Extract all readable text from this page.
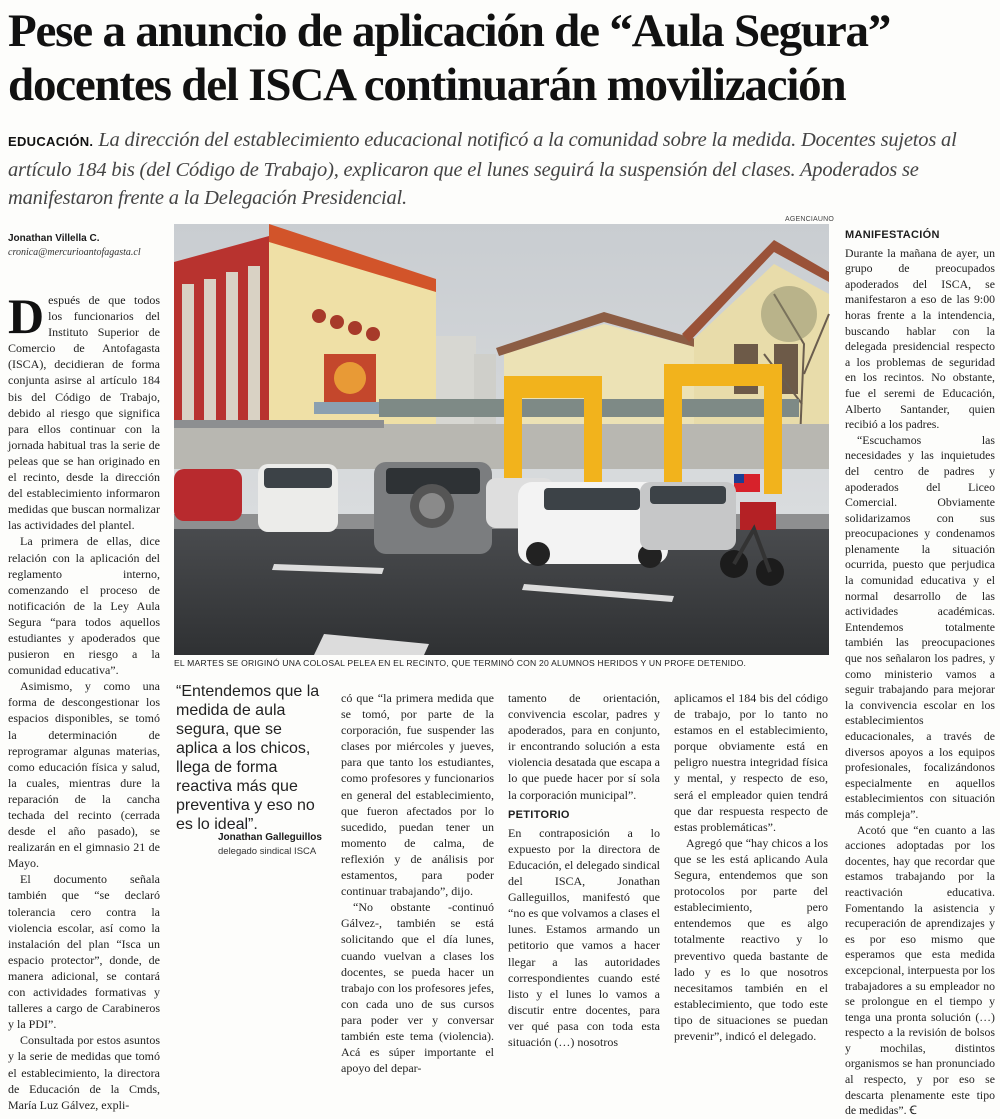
Pese a anuncio de aplicación de “Aula Segura”
docentes del ISCA continuarán movilización
EDUCACIÓN. La dirección del establecimiento educacional notificó a la comunidad sobre la medida. Docentes sujetos al artículo 184 bis (del Código de Trabajo), explicaron que el lunes seguirá la suspensión del clases. Apoderados se manifestaron frente a la Delegación Presidencial.
Jonathan Villella C.
cronica@mercurioantofagasta.cl

Después de que todos los funcionarios del Instituto Superior de Comercio de Antofagasta (ISCA), decidieran de forma conjunta asirse al artículo 184 bis del Código de Trabajo, debido al riesgo que significa para ellos continuar con la jornada habitual tras la serie de peleas que se han originado en el recinto, desde la dirección del establecimiento informaron medidas que buscan normalizar las actividades del plantel.

La primera de ellas, dice relación con la aplicación del reglamento interno, comenzando el proceso de notificación de la Ley Aula Segura “para todos aquellos estudiantes y apoderados que pusieron en riesgo a la comunidad educativa”.

Asimismo, y como una forma de descongestionar los espacios disponibles, se tomó la determinación de reprogramar algunas materias, como educación física y salud, la cuales, mientras dure la reparación de la cancha techada del recinto (cerrada desde el año pasado), se realizarán en el gimnasio 21 de Mayo.

El documento señala también que “se declaró tolerancia cero contra la violencia escolar, así como la instalación del plan “Isca un espacio protector”, donde, de manera adicional, se contará con actividades formativas y talleres a cargo de Carabineros y la PDI”.

Consultada por estos asuntos y la serie de medidas que tomó el establecimiento, la directora de Educación de la Cmds, María Luz Gálvez, expli-

AGENCIAUNO
EL MARTES SE ORIGINÓ UNA COLOSAL PELEA EN EL RECINTO, QUE TERMINÓ CON 20 ALUMNOS HERIDOS Y UN PROFE DETENIDO.
“Entendemos que la medida de aula segura, que se aplica a los chicos, llega de forma reactiva más que preventiva y eso no es lo ideal”.
Jonathan Galleguillos
delegado sindical ISCA

có que “la primera medida que se tomó, por parte de la corporación, fue suspender las clases por miércoles y jueves, para que tanto los estudiantes, como profesores y funcionarios en general del establecimiento, que fueron afectados por lo sucedido, puedan tener un momento de calma, de reflexión y de análisis por estamentos, para poder continuar trabajando”, dijo.

“No obstante -continuó Gálvez-, también se está solicitando que el día lunes, cuando vuelvan a clases los docentes, se pueda hacer un trabajo con los profesores jefes, con cada uno de sus cursos para poder ver y conversar también este tema (violencia). Acá es súper importante el apoyo del depar-

tamento de orientación, convivencia escolar, padres y apoderados, para en conjunto, ir encontrando solución a esta violencia desatada que escapa a lo que puede hacer por sí sola la corporación municipal”.

PETITORIO

En contraposición a lo expuesto por la directora de Educación, el delegado sindical del ISCA, Jonathan Galleguillos, manifestó que “no es que volvamos a clases el lunes. Estamos armando un petitorio que vamos a hacer llegar a las autoridades correspondientes cuando esté listo y el lunes lo vamos a discutir entre docentes, para ver qué pasa con toda esta situación (…) nosotros

aplicamos el 184 bis del código de trabajo, por lo tanto no estamos en el establecimiento, porque obviamente está en peligro nuestra integridad física y mental, y respecto de eso, será el empleador quien tendrá que dar respuesta respecto de estas problemáticas”.

Agregó que “hay chicos a los que se les está aplicando Aula Segura, entendemos que son protocolos por parte del establecimiento, pero entendemos que es algo totalmente reactivo y lo preventivo queda bastante de lado y es lo que nosotros necesitamos también en el establecimiento, que todo este tipo de situaciones se puedan prevenir”, indicó el delegado.

MANIFESTACIÓN

Durante la mañana de ayer, un grupo de preocupados apoderados del ISCA, se manifestaron a eso de las 9:00 horas frente a la intendencia, buscando hablar con la delegada presidencial respecto a los problemas de seguridad en los recintos. No obstante, fue el seremi de Educación, Alberto Santander, quien recibió a los padres.

“Escuchamos las necesidades y las inquietudes del centro de padres y apoderados del Liceo Comercial. Obviamente solidarizamos con sus preocupaciones y condenamos plenamente la situación ocurrida, puesto que perjudica la comunidad educativa y el normal desarrollo de las actividades académicas. Entendemos totalmente también las preocupaciones que nos señalaron los padres, y como ministerio vamos a seguir trabajando para mejorar la convivencia escolar en los establecimientos educacionales, a través de diversos apoyos a los equipos profesionales, focalizándonos especialmente en aquellos establecimientos con situación más compleja”.

Acotó que “en cuanto a las acciones adoptadas por los docentes, hay que recordar que estamos trabajando por la reactivación educativa. Fomentando la asistencia y recuperación de aprendizajes y es por eso mismo que esperamos que esta medida excepcional, interpuesta por los trabajadores a su empleador no se prolongue en el tiempo y tenga una pronta solución (…) respecto a la revisión de bolsos y mochilas, distintos organismos se han pronunciado al respecto, y por eso se descarta plenamente este tipo de medidas”. Ꞓ
